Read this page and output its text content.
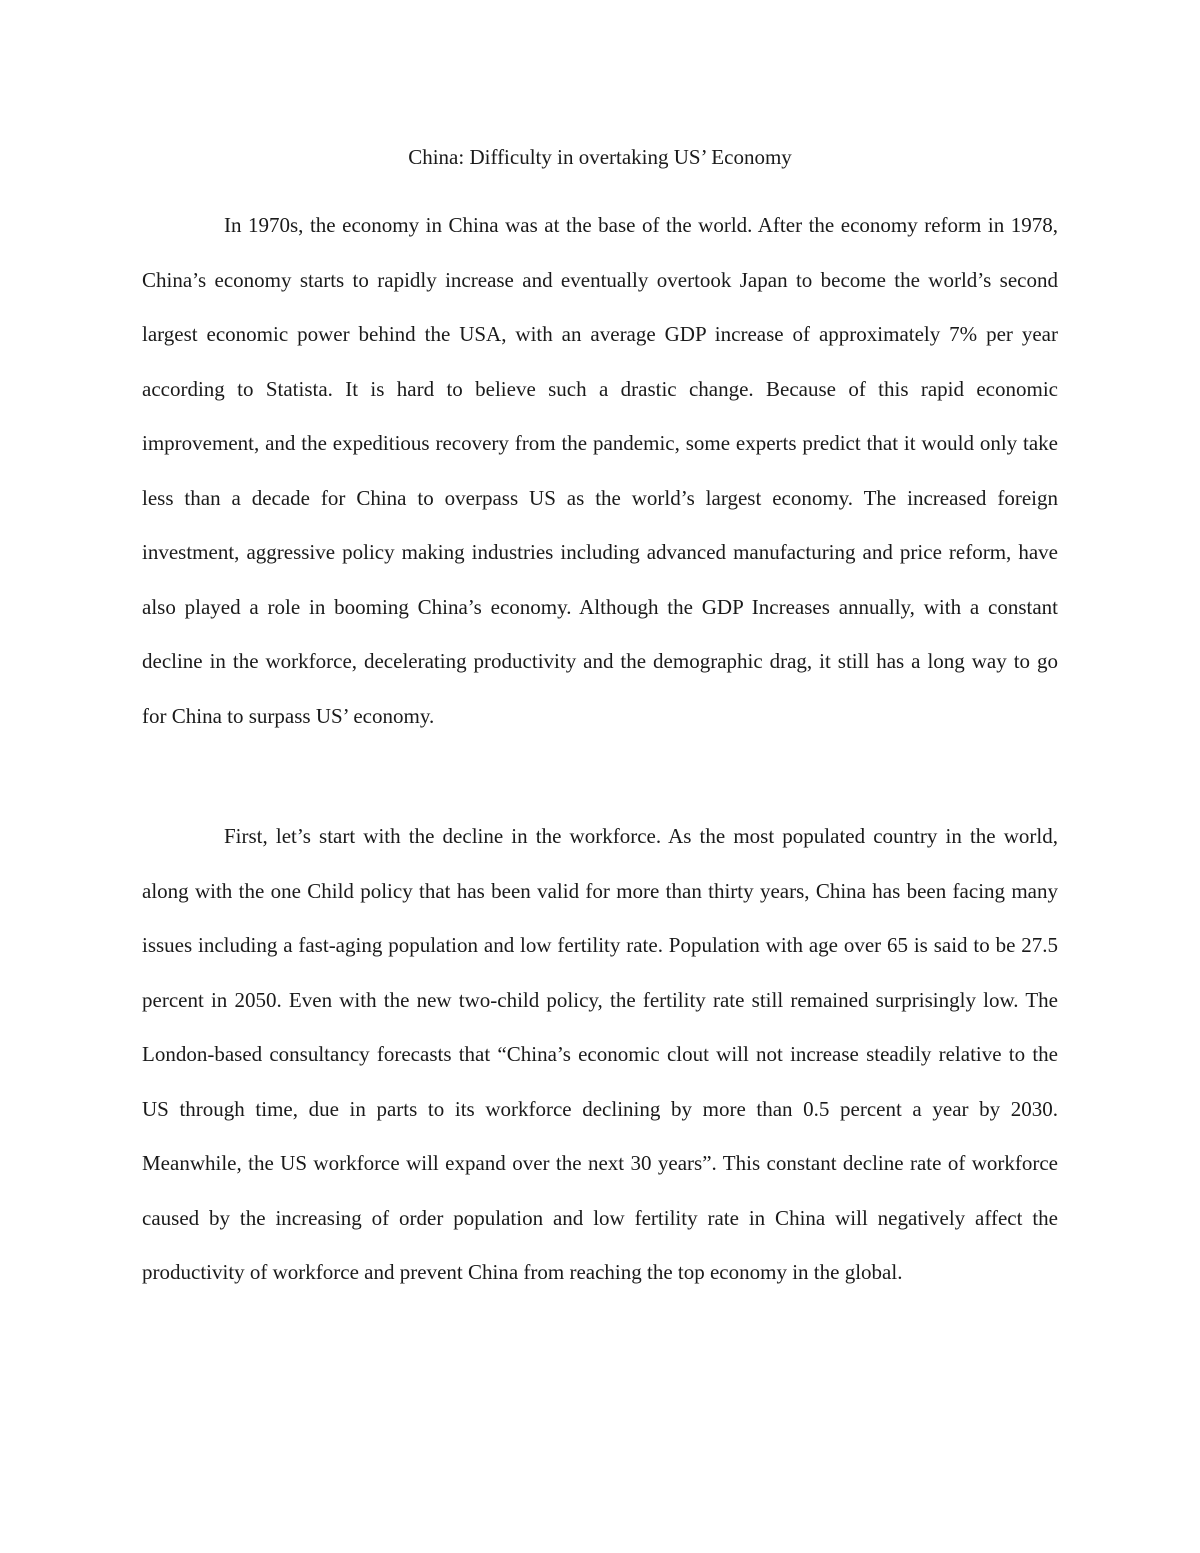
China: Difficulty in overtaking US’ Economy

In 1970s, the economy in China was at the base of the world. After the economy reform in 1978, China’s economy starts to rapidly increase and eventually overtook Japan to become the world’s second largest economic power behind the USA, with an average GDP increase of approximately 7% per year according to Statista. It is hard to believe such a drastic change. Because of this rapid economic improvement, and the expeditious recovery from the pandemic, some experts predict that it would only take less than a decade for China to overpass US as the world’s largest economy. The increased foreign investment, aggressive policy making industries including advanced manufacturing and price reform, have also played a role in booming China’s economy. Although the GDP Increases annually, with a constant decline in the workforce, decelerating productivity and the demographic drag, it still has a long way to go for China to surpass US’ economy.

First, let’s start with the decline in the workforce. As the most populated country in the world, along with the one Child policy that has been valid for more than thirty years, China has been facing many issues including a fast-aging population and low fertility rate. Population with age over 65 is said to be 27.5 percent in 2050. Even with the new two-child policy, the fertility rate still remained surprisingly low. The London-based consultancy forecasts that “China’s economic clout will not increase steadily relative to the US through time, due in parts to its workforce declining by more than 0.5 percent a year by 2030. Meanwhile, the US workforce will expand over the next 30 years”. This constant decline rate of workforce caused by the increasing of order population and low fertility rate in China will negatively affect the productivity of workforce and prevent China from reaching the top economy in the global.
